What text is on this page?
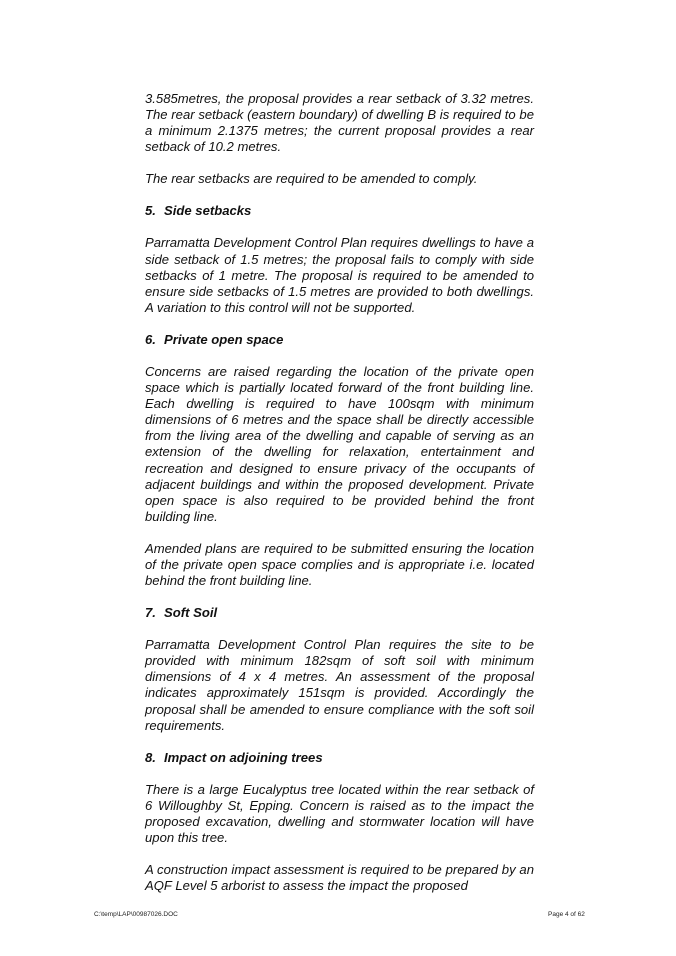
3.585metres, the proposal provides a rear setback of 3.32 metres. The rear setback (eastern boundary) of dwelling B is required to be a minimum 2.1375 metres; the current proposal provides a rear setback of 10.2 metres.

The rear setbacks are required to be amended to comply.

5. Side setbacks

Parramatta Development Control Plan requires dwellings to have a side setback of 1.5 metres; the proposal fails to comply with side setbacks of 1 metre. The proposal is required to be amended to ensure side setbacks of 1.5 metres are provided to both dwellings. A variation to this control will not be supported.

6. Private open space

Concerns are raised regarding the location of the private open space which is partially located forward of the front building line. Each dwelling is required to have 100sqm with minimum dimensions of 6 metres and the space shall be directly accessible from the living area of the dwelling and capable of serving as an extension of the dwelling for relaxation, entertainment and recreation and designed to ensure privacy of the occupants of adjacent buildings and within the proposed development. Private open space is also required to be provided behind the front building line.

Amended plans are required to be submitted ensuring the location of the private open space complies and is appropriate i.e. located behind the front building line.

7. Soft Soil

Parramatta Development Control Plan requires the site to be provided with minimum 182sqm of soft soil with minimum dimensions of 4 x 4 metres. An assessment of the proposal indicates approximately 151sqm is provided. Accordingly the proposal shall be amended to ensure compliance with the soft soil requirements.

8. Impact on adjoining trees

There is a large Eucalyptus tree located within the rear setback of 6 Willoughby St, Epping. Concern is raised as to the impact the proposed excavation, dwelling and stormwater location will have upon this tree.

A construction impact assessment is required to be prepared by an AQF Level 5 arborist to assess the impact the proposed

C:\temp\LAP\00987026.DOC	Page 4 of 62
